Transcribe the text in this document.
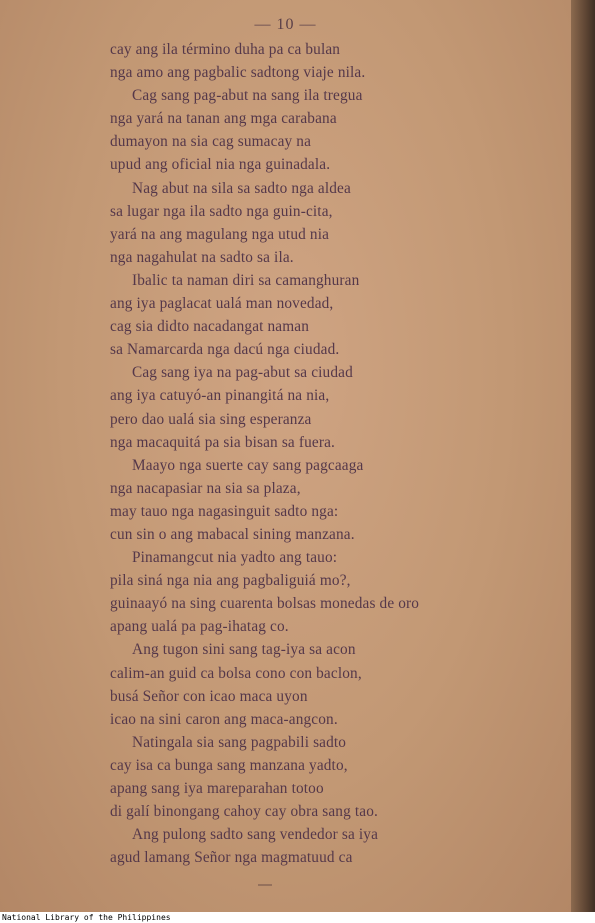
— 10 —
cay ang ila término duha pa ca bulan
nga amo ang pagbalic sadtong viaje nila.
Cag sang pag-abut na sang ila tregua
nga yará na tanan ang mga carabana
dumayon na sia cag sumacay na
upud ang oficial nia nga guinadala.
Nag abut na sila sa sadto nga aldea
sa lugar nga ila sadto nga guin-cita,
yará na ang magulang nga utud nia
nga nagahulat na sadto sa ila.
Ibalic ta naman diri sa camanghuran
ang iya paglacat ualá man novedad,
cag sia didto nacadangat naman
sa Namarcarda nga dacú nga ciudad.
Cag sang iya na pag-abut sa ciudad
ang iya catuyó-an pinangitá na nia,
pero dao ualá sia sing esperanza
nga macaquitá pa sia bisan sa fuera.
Maayo nga suerte cay sang pagcaaga
nga nacapasiar na sia sa plaza,
may tauo nga nagasinguit sadto nga:
cun sin o ang mabacal sining manzana.
Pinamangcut nia yadto ang tauo:
pila siná nga nia ang pagbaliguiá mo?,
guinaayó na sing cuarenta bolsas monedas de oro
apang ualá pa pag-ihatag co.
Ang tugon sini sang tag-iya sa acon
calim-an guid ca bolsa cono con baclon,
busá Señor con icao maca uyon
icao na sini caron ang maca-angcon.
Natingala sia sang pagpabili sadto
cay isa ca bunga sang manzana yadto,
apang sang iya mareparahan totoo
di galí binongang cahoy cay obra sang tao.
Ang pulong sadto sang vendedor sa iya
agud lamang Señor nga magmatuud ca
National Library of the Philippines
